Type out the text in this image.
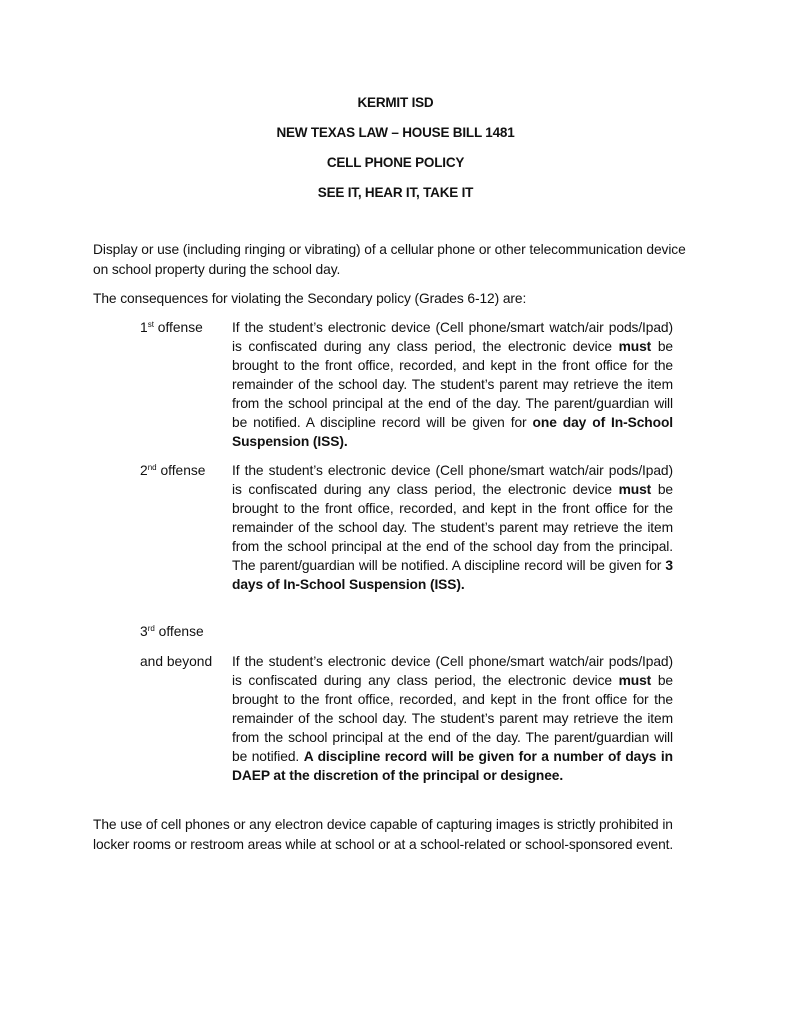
KERMIT ISD
NEW TEXAS LAW – HOUSE BILL 1481
CELL PHONE POLICY
SEE IT, HEAR IT, TAKE IT
Display or use (including ringing or vibrating) of a cellular phone or other telecommunication device on school property during the school day.
The consequences for violating the Secondary policy (Grades 6-12) are:
1st offense If the student’s electronic device (Cell phone/smart watch/air pods/Ipad) is confiscated during any class period, the electronic device must be brought to the front office, recorded, and kept in the front office for the remainder of the school day. The student’s parent may retrieve the item from the school principal at the end of the day. The parent/guardian will be notified. A discipline record will be given for one day of In-School Suspension (ISS).
2nd offense If the student’s electronic device (Cell phone/smart watch/air pods/Ipad) is confiscated during any class period, the electronic device must be brought to the front office, recorded, and kept in the front office for the remainder of the school day. The student’s parent may retrieve the item from the school principal at the end of the school day from the principal. The parent/guardian will be notified. A discipline record will be given for 3 days of In-School Suspension (ISS).
3rd offense
and beyond If the student’s electronic device (Cell phone/smart watch/air pods/Ipad) is confiscated during any class period, the electronic device must be brought to the front office, recorded, and kept in the front office for the remainder of the school day. The student’s parent may retrieve the item from the school principal at the end of the day. The parent/guardian will be notified. A discipline record will be given for a number of days in DAEP at the discretion of the principal or designee.
The use of cell phones or any electron device capable of capturing images is strictly prohibited in locker rooms or restroom areas while at school or at a school-related or school-sponsored event.
